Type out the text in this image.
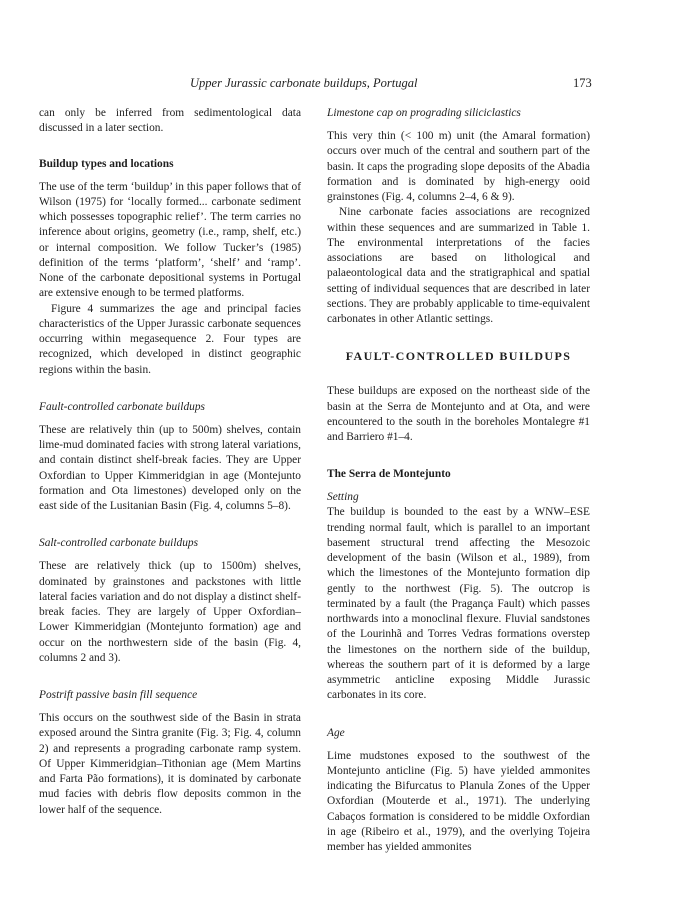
Upper Jurassic carbonate buildups, Portugal	173

can only be inferred from sedimentological data discussed in a later section.

Buildup types and locations

The use of the term ‘buildup’ in this paper follows that of Wilson (1975) for ‘locally formed... carbonate sediment which possesses topographic relief’. The term carries no inference about origins, geometry (i.e., ramp, shelf, etc.) or internal composition. We follow Tucker’s (1985) definition of the terms ‘platform’, ‘shelf’ and ‘ramp’. None of the carbonate depositional systems in Portugal are extensive enough to be termed platforms.

Figure 4 summarizes the age and principal facies characteristics of the Upper Jurassic carbonate sequences occurring within megasequence 2. Four types are recognized, which developed in distinct geographic regions within the basin.

Fault-controlled carbonate buildups

These are relatively thin (up to 500m) shelves, contain lime-mud dominated facies with strong lateral variations, and contain distinct shelf-break facies. They are Upper Oxfordian to Upper Kimmeridgian in age (Montejunto formation and Ota limestones) developed only on the east side of the Lusitanian Basin (Fig. 4, columns 5–8).

Salt-controlled carbonate buildups

These are relatively thick (up to 1500m) shelves, dominated by grainstones and packstones with little lateral facies variation and do not display a distinct shelf-break facies. They are largely of Upper Oxfordian–Lower Kimmeridgian (Montejunto formation) age and occur on the northwestern side of the basin (Fig. 4, columns 2 and 3).

Postrift passive basin fill sequence

This occurs on the southwest side of the Basin in strata exposed around the Sintra granite (Fig. 3; Fig. 4, column 2) and represents a prograding carbonate ramp system. Of Upper Kimmeridgian–Tithonian age (Mem Martins and Farta Pão formations), it is dominated by carbonate mud facies with debris flow deposits common in the lower half of the sequence.

Limestone cap on prograding siliciclastics

This very thin (< 100 m) unit (the Amaral formation) occurs over much of the central and southern part of the basin. It caps the prograding slope deposits of the Abadia formation and is dominated by high-energy ooid grainstones (Fig. 4, columns 2–4, 6 & 9).

Nine carbonate facies associations are recognized within these sequences and are summarized in Table 1. The environmental interpretations of the facies associations are based on lithological and palaeontological data and the stratigraphical and spatial setting of individual sequences that are described in later sections. They are probably applicable to time-equivalent carbonates in other Atlantic settings.

FAULT-CONTROLLED BUILDUPS

These buildups are exposed on the northeast side of the basin at the Serra de Montejunto and at Ota, and were encountered to the south in the boreholes Montalegre #1 and Barriero #1–4.

The Serra de Montejunto
Setting

The buildup is bounded to the east by a WNW–ESE trending normal fault, which is parallel to an important basement structural trend affecting the Mesozoic development of the basin (Wilson et al., 1989), from which the limestones of the Montejunto formation dip gently to the northwest (Fig. 5). The outcrop is terminated by a fault (the Pragança Fault) which passes northwards into a monoclinal flexure. Fluvial sandstones of the Lourinhã and Torres Vedras formations overstep the limestones on the northern side of the buildup, whereas the southern part of it is deformed by a large asymmetric anticline exposing Middle Jurassic carbonates in its core.

Age

Lime mudstones exposed to the southwest of the Montejunto anticline (Fig. 5) have yielded ammonites indicating the Bifurcatus to Planula Zones of the Upper Oxfordian (Mouterde et al., 1971). The underlying Cabaços formation is considered to be middle Oxfordian in age (Ribeiro et al., 1979), and the overlying Tojeira member has yielded ammonites
